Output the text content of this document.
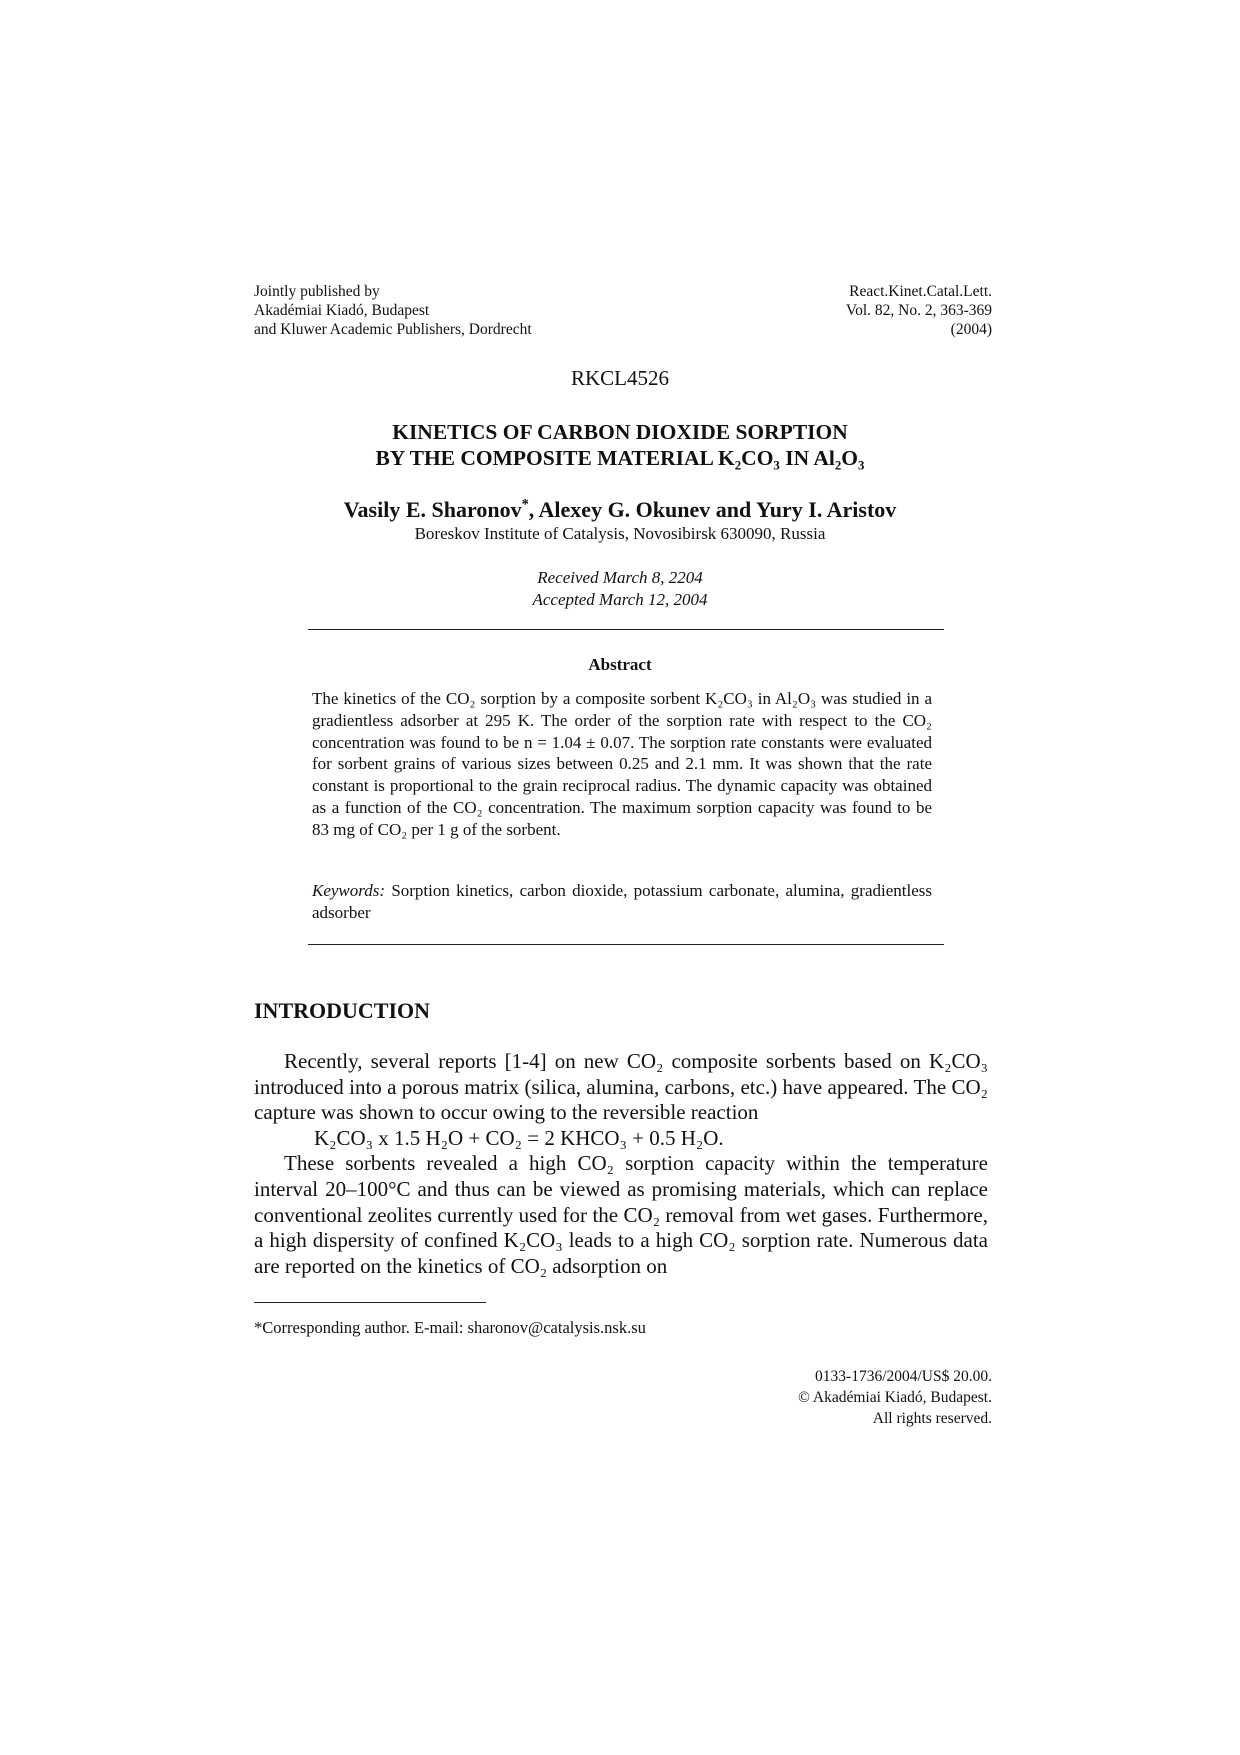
Jointly published by
Akadémiai Kiadó, Budapest
and Kluwer Academic Publishers, Dordrecht
React.Kinet.Catal.Lett.
Vol. 82, No. 2, 363-369
(2004)
RKCL4526
KINETICS OF CARBON DIOXIDE SORPTION
BY THE COMPOSITE MATERIAL K₂CO₃ IN Al₂O₃
Vasily E. Sharonov*, Alexey G. Okunev and Yury I. Aristov
Boreskov Institute of Catalysis, Novosibirsk 630090, Russia
Received March 8, 2204
Accepted March 12, 2004
Abstract
The kinetics of the CO₂ sorption by a composite sorbent K₂CO₃ in Al₂O₃ was studied in a gradientless adsorber at 295 K. The order of the sorption rate with respect to the CO₂ concentration was found to be n = 1.04 ± 0.07. The sorption rate constants were evaluated for sorbent grains of various sizes between 0.25 and 2.1 mm. It was shown that the rate constant is proportional to the grain reciprocal radius. The dynamic capacity was obtained as a function of the CO₂ concentration. The maximum sorption capacity was found to be 83 mg of CO₂ per 1 g of the sorbent.
Keywords: Sorption kinetics, carbon dioxide, potassium carbonate, alumina, gradientless adsorber
INTRODUCTION

Recently, several reports [1-4] on new CO₂ composite sorbents based on K₂CO₃ introduced into a porous matrix (silica, alumina, carbons, etc.) have appeared. The CO₂ capture was shown to occur owing to the reversible reaction

K₂CO₃ x 1.5 H₂O + CO₂ = 2 KHCO₃ + 0.5 H₂O.

These sorbents revealed a high CO₂ sorption capacity within the temperature interval 20–100°C and thus can be viewed as promising materials, which can replace conventional zeolites currently used for the CO₂ removal from wet gases. Furthermore, a high dispersity of confined K₂CO₃ leads to a high CO₂ sorption rate. Numerous data are reported on the kinetics of CO₂ adsorption on

*Corresponding author. E-mail: sharonov@catalysis.nsk.su
0133-1736/2004/US$ 20.00.
© Akadémiai Kiadó, Budapest.
All rights reserved.
